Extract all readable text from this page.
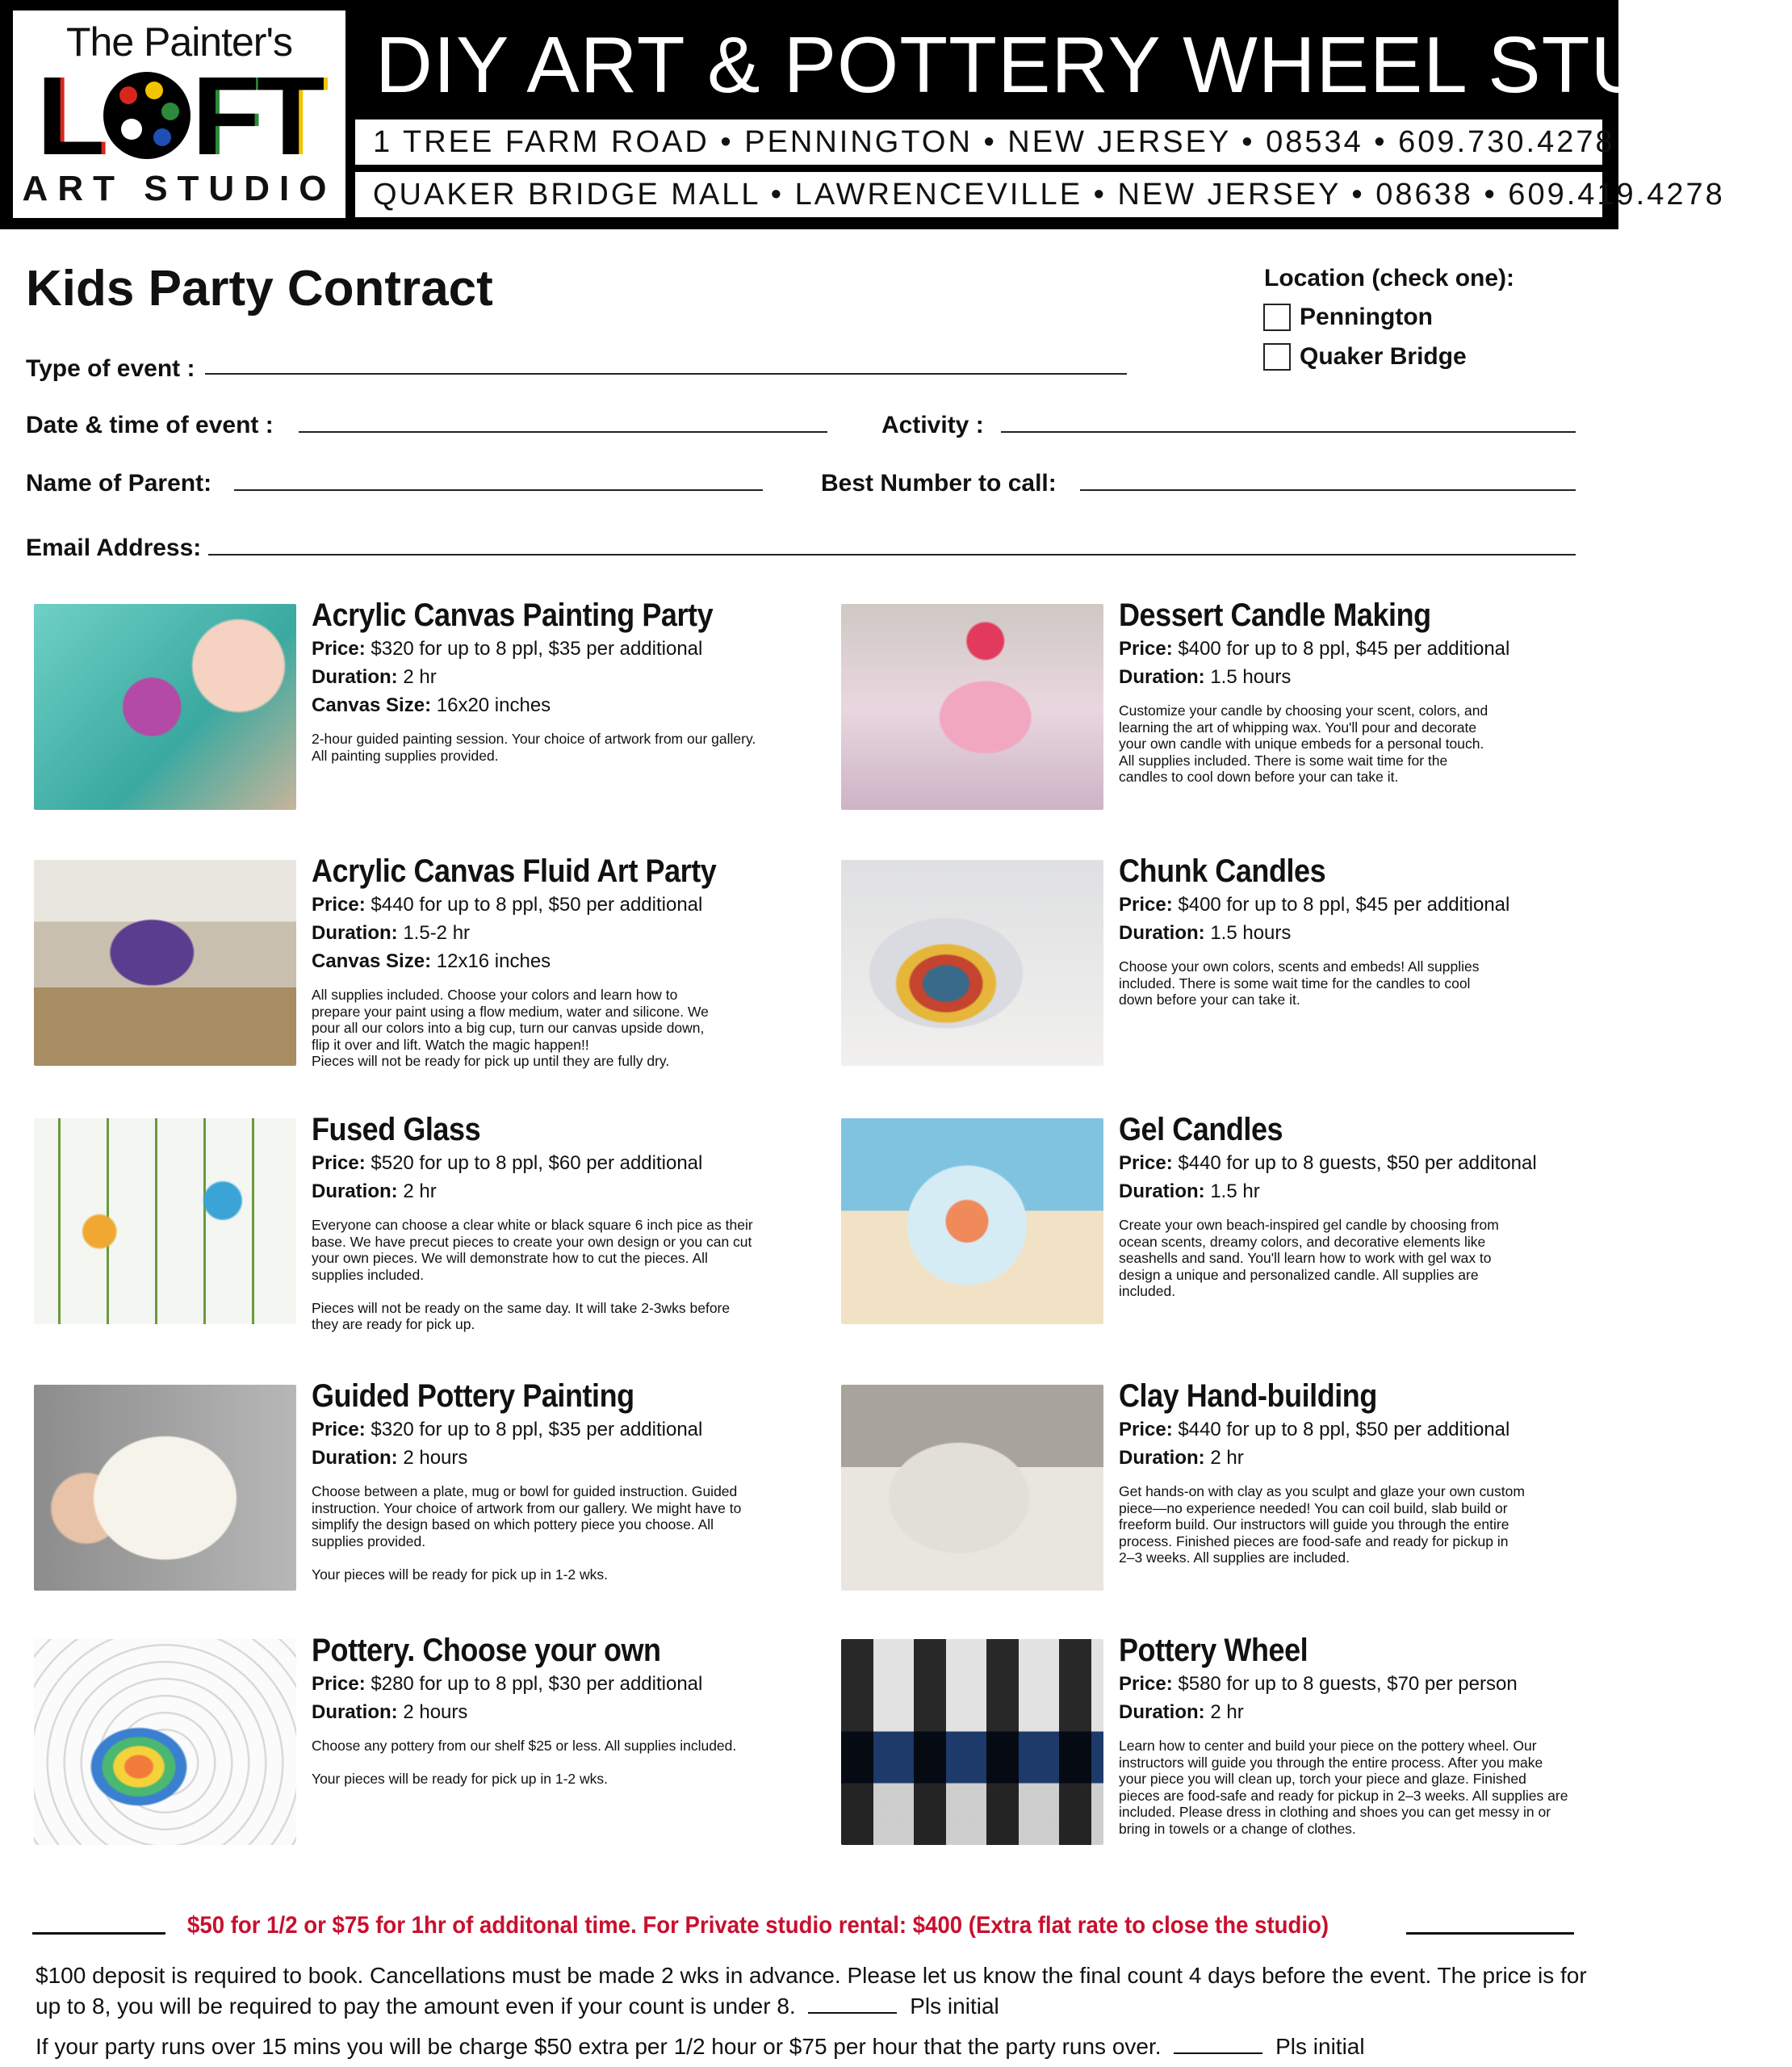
The Painter's
L FT
ART STUDIO
DIY ART & POTTERY WHEEL STUDIO
1 TREE FARM ROAD • PENNINGTON • NEW JERSEY • 08534 • 609.730.4278
QUAKER BRIDGE MALL • LAWRENCEVILLE • NEW JERSEY • 08638 • 609.419.4278
Kids Party Contract	Location (check one):
Pennington
Quaker Bridge
Type of event :
Date & time of event :	Activity :
Name of Parent:	Best Number to call:
Email Address:
Acrylic Canvas Painting Party
Price: $320 for up to 8 ppl, $35 per additional
Duration: 2 hr
Canvas Size: 16x20 inches
2-hour guided painting session. Your choice of artwork from our gallery.
All painting supplies provided.
Dessert Candle Making
Price: $400 for up to 8 ppl, $45 per additional
Duration: 1.5 hours
Customize your candle by choosing your scent, colors, and
learning the art of whipping wax. You'll pour and decorate
your own candle with unique embeds for a personal touch.
All supplies included. There is some wait time for the
candles to cool down before your can take it.
Acrylic Canvas Fluid Art Party
Price: $440 for up to 8 ppl, $50 per additional
Duration: 1.5-2 hr
Canvas Size: 12x16 inches
All supplies included. Choose your colors and learn how to
prepare your paint using a flow medium, water and silicone. We
pour all our colors into a big cup, turn our canvas upside down,
flip it over and lift. Watch the magic happen!!
Pieces will not be ready for pick up until they are fully dry.
Chunk Candles
Price: $400 for up to 8 ppl, $45 per additional
Duration: 1.5 hours
Choose your own colors, scents and embeds! All supplies
included. There is some wait time for the candles to cool
down before your can take it.
Fused Glass
Price: $520 for up to 8 ppl, $60 per additional
Duration: 2 hr
Everyone can choose a clear white or black square 6 inch pice as their
base. We have precut pieces to create your own design or you can cut
your own pieces. We will demonstrate how to cut the pieces. All
supplies included.

Pieces will not be ready on the same day. It will take 2-3wks before
they are ready for pick up.
Gel Candles
Price: $440 for up to 8 guests, $50 per additonal
Duration: 1.5 hr
Create your own beach-inspired gel candle by choosing from
ocean scents, dreamy colors, and decorative elements like
seashells and sand. You'll learn how to work with gel wax to
design a unique and personalized candle. All supplies are
included.
Guided Pottery Painting
Price: $320 for up to 8 ppl, $35 per additional
Duration: 2 hours
Choose between a plate, mug or bowl for guided instruction. Guided
instruction. Your choice of artwork from our gallery. We might have to
simplify the design based on which pottery piece you choose. All
supplies provided.

Your pieces will be ready for pick up in 1-2 wks.
Clay Hand-building
Price: $440 for up to 8 ppl, $50 per additional
Duration: 2 hr
Get hands-on with clay as you sculpt and glaze your own custom
piece—no experience needed! You can coil build, slab build or
freeform build. Our instructors will guide you through the entire
process. Finished pieces are food-safe and ready for pickup in
2–3 weeks. All supplies are included.
Pottery. Choose your own
Price: $280 for up to 8 ppl, $30 per additional
Duration: 2 hours
Choose any pottery from our shelf $25 or less. All supplies included.

Your pieces will be ready for pick up in 1-2 wks.
Pottery Wheel
Price: $580 for up to 8 guests, $70 per person
Duration: 2 hr
Learn how to center and build your piece on the pottery wheel. Our
instructors will guide you through the entire process. After you make
your piece you will clean up, torch your piece and glaze. Finished
pieces are food-safe and ready for pickup in 2–3 weeks. All supplies are
included. Please dress in clothing and shoes you can get messy in or
bring in towels or a change of clothes.
$50 for 1/2 or $75 for 1hr of additonal time. For Private studio rental: $400 (Extra flat rate to close the studio)
$100 deposit is required to book. Cancellations must be made 2 wks in advance. Please let us know the final count 4 days before the event. The price is for up to 8, you will be required to pay the amount even if your count is under 8.	Pls initial
If your party runs over 15 mins you will be charge $50 extra per 1/2 hour or $75 per hour that the party runs over.	Pls initial
